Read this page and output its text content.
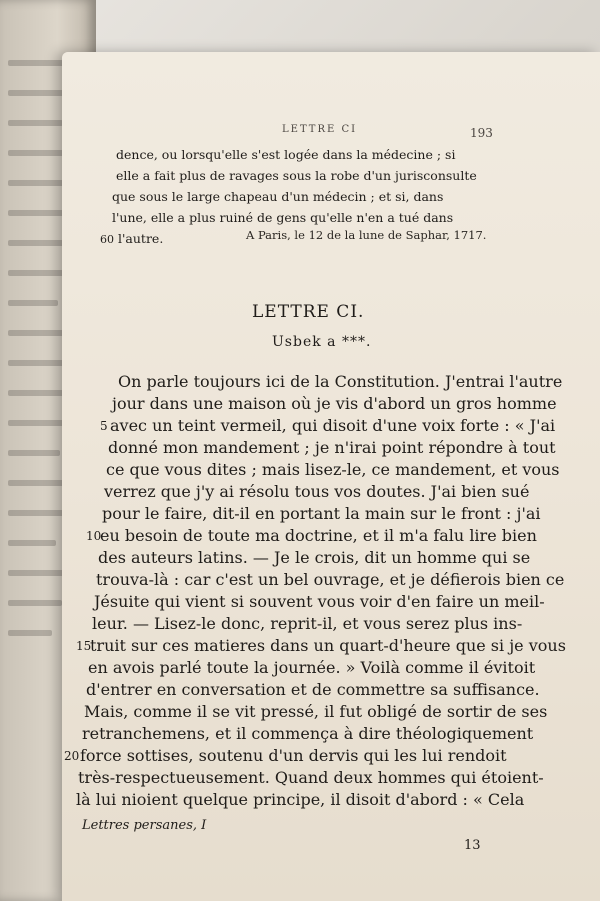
LETTRE CI	193
dence, ou lorsqu'elle s'est logée dans la médecine ; si
elle a fait plus de ravages sous la robe d'un jurisconsulte
que sous le large chapeau d'un médecin ; et si, dans
l'une, elle a plus ruiné de gens qu'elle n'en a tué dans
60 l'autre.	A Paris, le 12 de la lune de Saphar, 1717.
LETTRE CI.
Usbek a ***.
On parle toujours ici de la Constitution. J'entrai l'autre
jour dans une maison où je vis d'abord un gros homme
5 avec un teint vermeil, qui disoit d'une voix forte : « J'ai
donné mon mandement ; je n'irai point répondre à tout
ce que vous dites ; mais lisez-le, ce mandement, et vous
verrez que j'y ai résolu tous vos doutes. J'ai bien sué
pour le faire, dit-il en portant la main sur le front : j'ai
10
eu besoin de toute ma doctrine, et il m'a falu lire bien
des auteurs latins. — Je le crois, dit un homme qui se
trouva-là : car c'est un bel ouvrage, et je défierois bien ce
Jésuite qui vient si souvent vous voir d'en faire un meil-
leur. — Lisez-le donc, reprit-il, et vous serez plus ins-
15
truit sur ces matieres dans un quart-d'heure que si je vous
en avois parlé toute la journée. » Voilà comme il évitoit
d'entrer en conversation et de commettre sa suffisance.
Mais, comme il se vit pressé, il fut obligé de sortir de ses
retranchemens, et il commença à dire théologiquement
20 force sottises, soutenu d'un dervis qui les lui rendoit
très-respectueusement. Quand deux hommes qui étoient-
là lui nioient quelque principe, il disoit d'abord : « Cela
Lettres persanes, I
13
